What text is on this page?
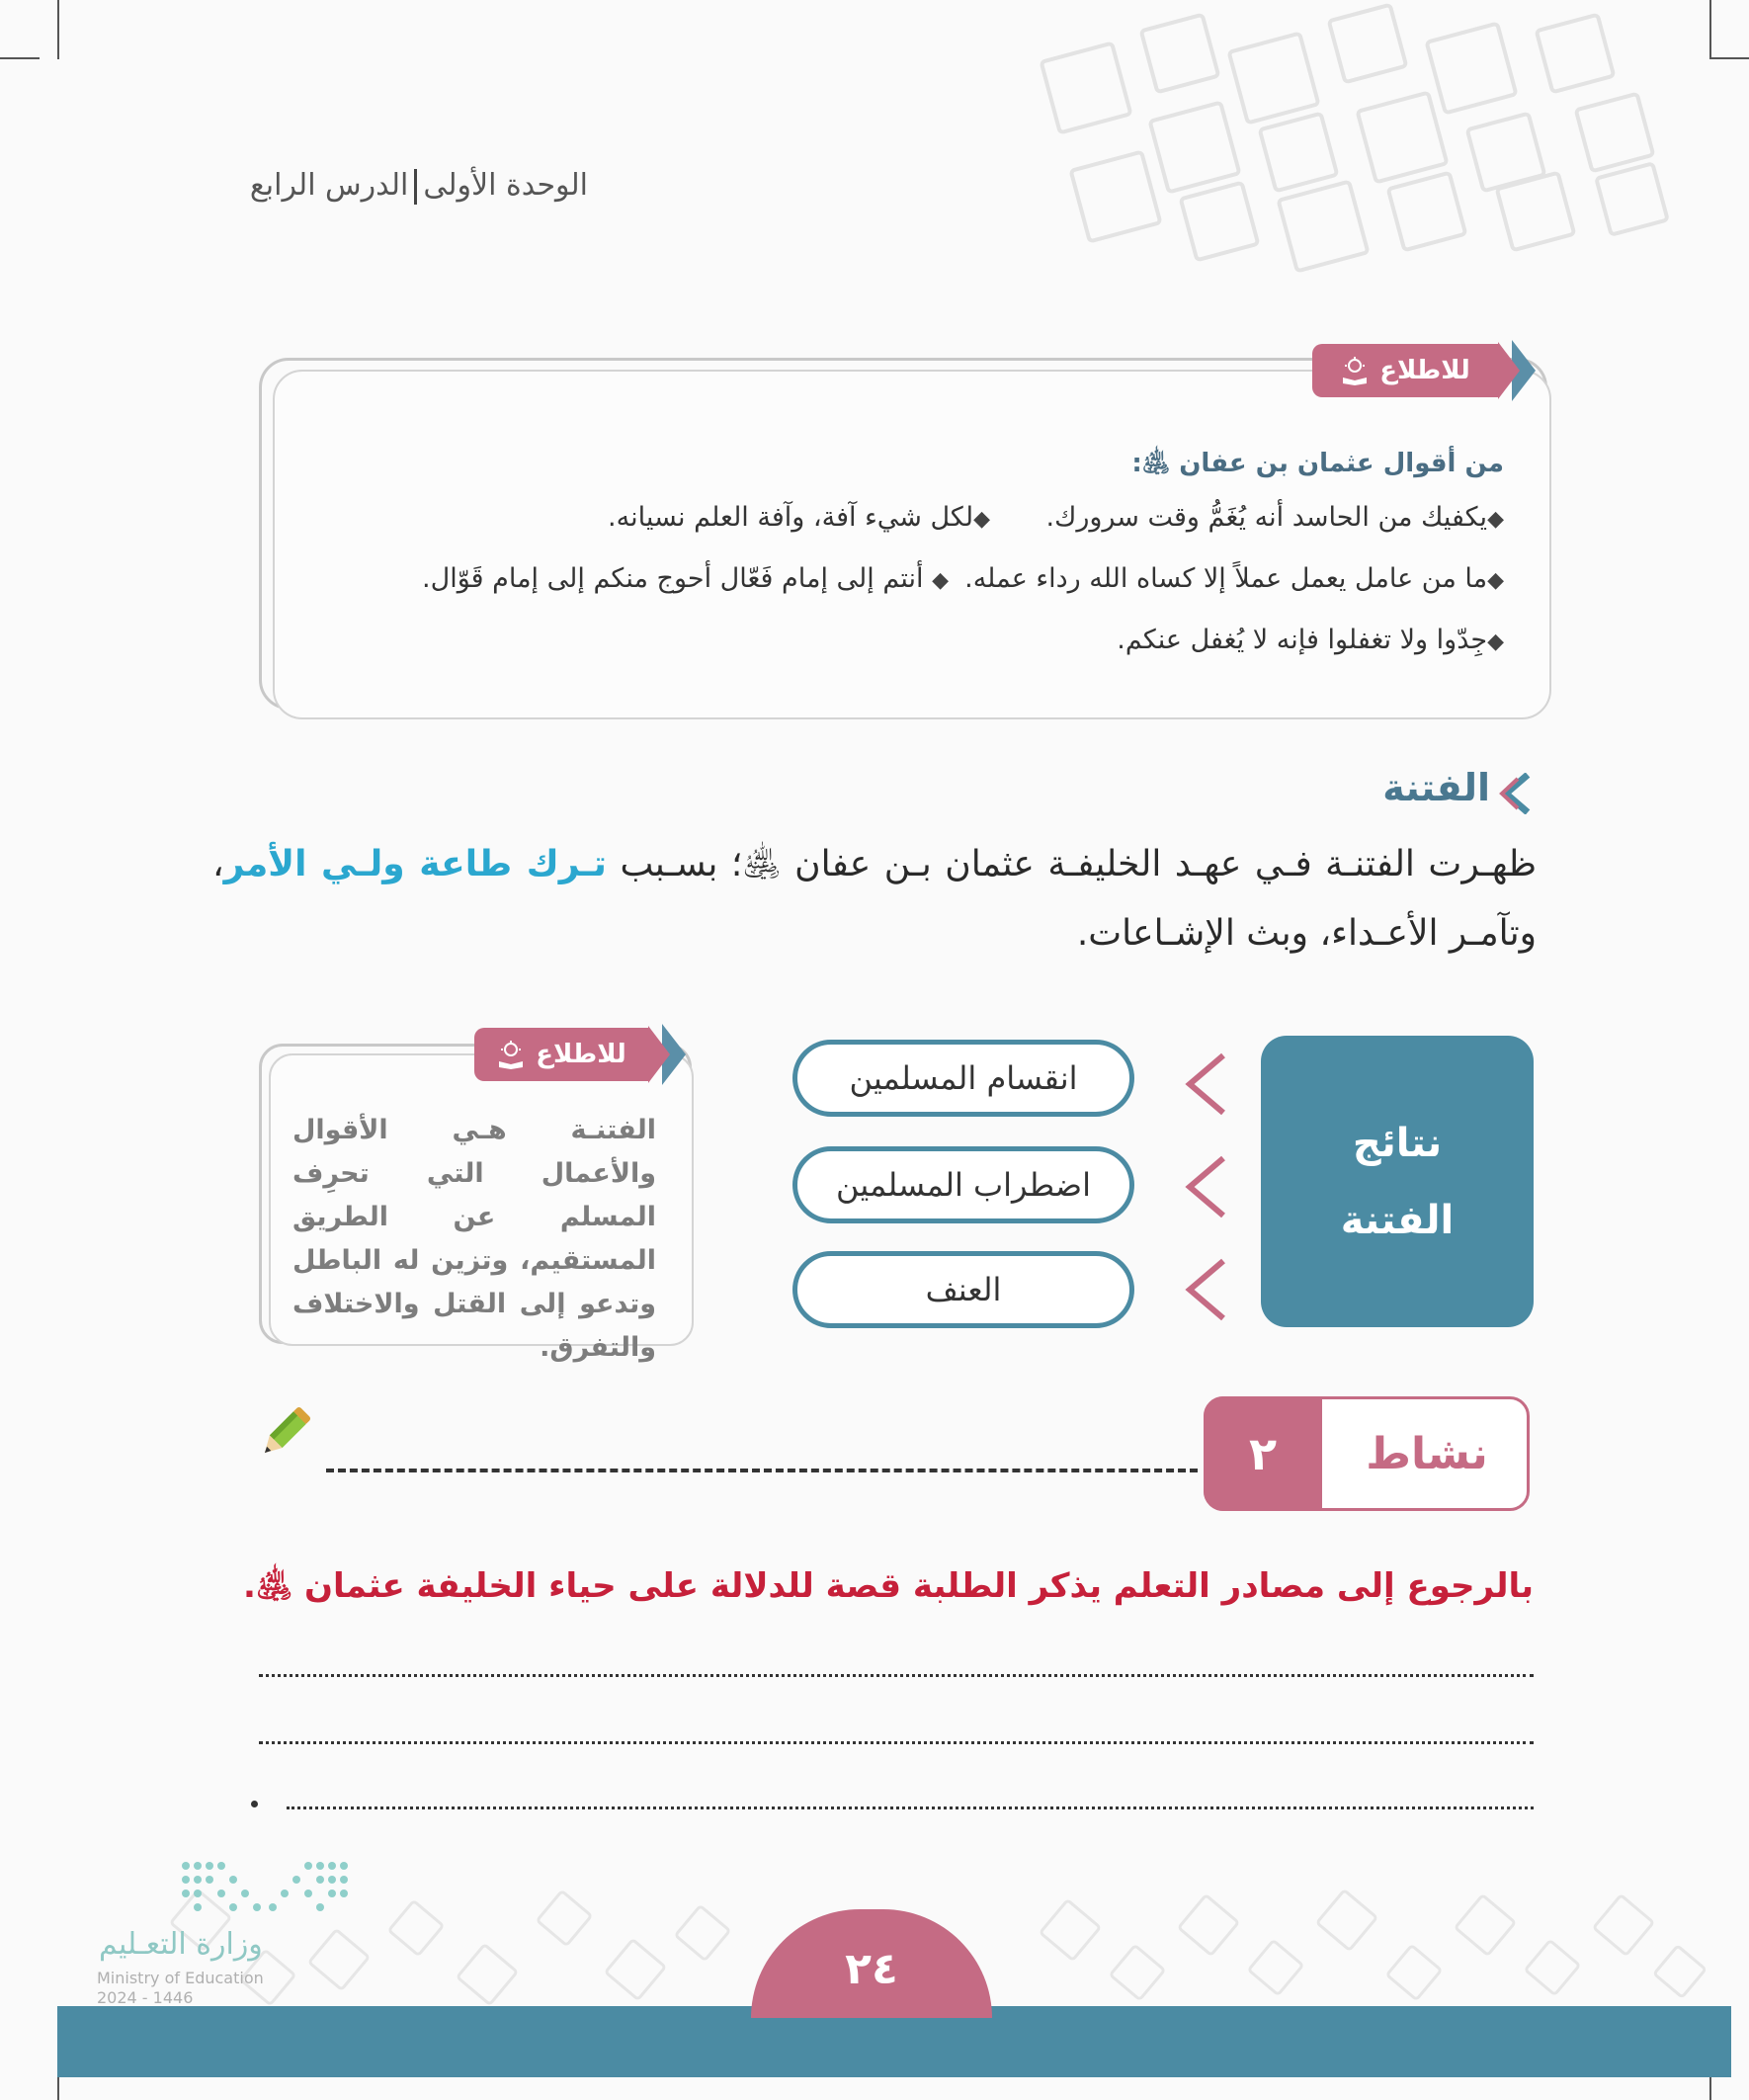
الوحدة الأولىالدرس الرابع
للاطلاع
من أقوال عثمان بن عفان ﵁:
◆يكفيك من الحاسد أنه يُغَمُّ وقت سرورك.
◆لكل شيء آفة، وآفة العلم نسيانه.
◆ما من عامل يعمل عملاً إلا كساه الله رداء عمله.
◆ أنتم إلى إمام فَعّال أحوج منكم إلى إمام قَوّال.
◆جِدّوا ولا تغفلوا فإنه لا يُغفل عنكم.
الفتنة
ظهـرت الفتنـة فـي عهـد الخليفـة عثمان بـن عفان ﵁؛ بسـبب تـرك طاعة ولـي الأمر، وتآمـر الأعـداء، وبث الإشـاعات.
نتائج
الفتنة
انقسام المسلمين
اضطراب المسلمين
العنف
للاطلاع
الفتنـة هـي الأقوال والأعمال التي تحرِف المسلم عن الطريق المستقيم، وتزين له الباطل وتدعو إلى القتل والاختلاف والتفرق.
٢	نشاط
بالرجوع إلى مصادر التعلم يذكر الطلبة قصة للدلالة على حياء الخليفة عثمان ﵁.
٢٤
وزارة التعـليم
Ministry of Education
2024 - 1446
